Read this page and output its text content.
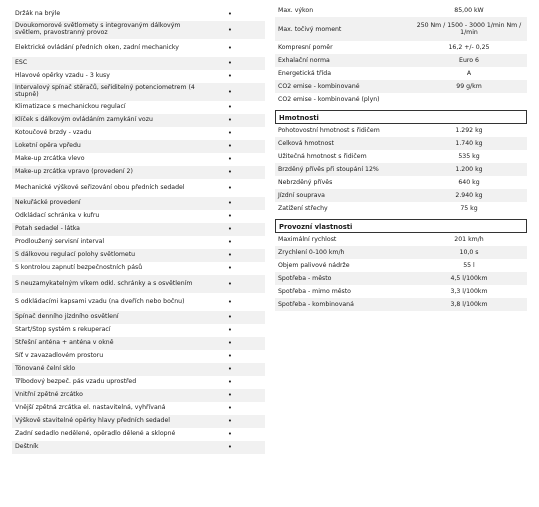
Držák na brýle	•
Dvoukomorové světlomety s integrovaným dálkovým světlem, pravostranný provoz	•
Elektrické ovládání předních oken, zadní mechanicky	•
ESC	•
Hlavové opěrky vzadu - 3 kusy	•
Intervalový spínač stěračů, seřiditelný potenciometrem (4 stupně)	•
Klimatizace s mechanickou regulací	•
Klíček s dálkovým ovládáním zamykání vozu	•
Kotoučové brzdy - vzadu	•
Loketní opěra vpředu	•
Make-up zrcátka vlevo	•
Make-up zrcátka vpravo (provedení 2)	•
Mechanické výškové seřizování obou předních sedadel	•
Nekuřácké provedení	•
Odkládací schránka v kufru	•
Potah sedadel - látka	•
Prodloužený servisní interval	•
S dálkovou regulací polohy světlometu	•
S kontrolou zapnutí bezpečnostních pásů	•
S neuzamykatelným víkem odkl. schránky a s osvětlením	•
S odkládacími kapsami vzadu (na dveřích nebo bočnu)	•
Spínač denního jízdního osvětlení	•
Start/Stop systém s rekuperací	•
Střešní anténa + anténa v okně	•
Síť v zavazadlovém prostoru	•
Tónované čelní sklo	•
Tříbodový bezpeč. pás vzadu uprostřed	•
Vnitřní zpětné zrcátko	•
Vnější zpětná zrcátka el. nastavitelná, vyhřívaná	•
Výškově stavitelné opěrky hlavy předních sedadel	•
Zadní sedadlo nedělené, opěradlo dělené a sklopné	•
Deštník	•
Max. výkon	85,00 kW
Max. točivý moment	250 Nm / 1500 - 3000 1/min Nm / 1/min
Kompresní poměr	16,2 +/- 0,25
Exhalační norma	Euro 6
Energetická třída	A
CO2 emise - kombinované	99 g/km
CO2 emise - kombinované (plyn)	
Hmotnosti
Pohotovostní hmotnost s řidičem	1.292 kg
Celková hmotnost	1.740 kg
Užitečná hmotnost s řidičem	535 kg
Brzděný přívěs při stoupání 12%	1.200 kg
Nebrzděný přívěs	640 kg
Jízdní souprava	2.940 kg
Zatížení střechy	75 kg
Provozní vlastnosti
Maximální rychlost	201 km/h
Zrychlení 0-100 km/h	10,0 s
Objem palivové nádrže	55 l
Spotřeba - město	4,5 l/100km
Spotřeba - mimo město	3,3 l/100km
Spotřeba - kombinovaná	3,8 l/100km
